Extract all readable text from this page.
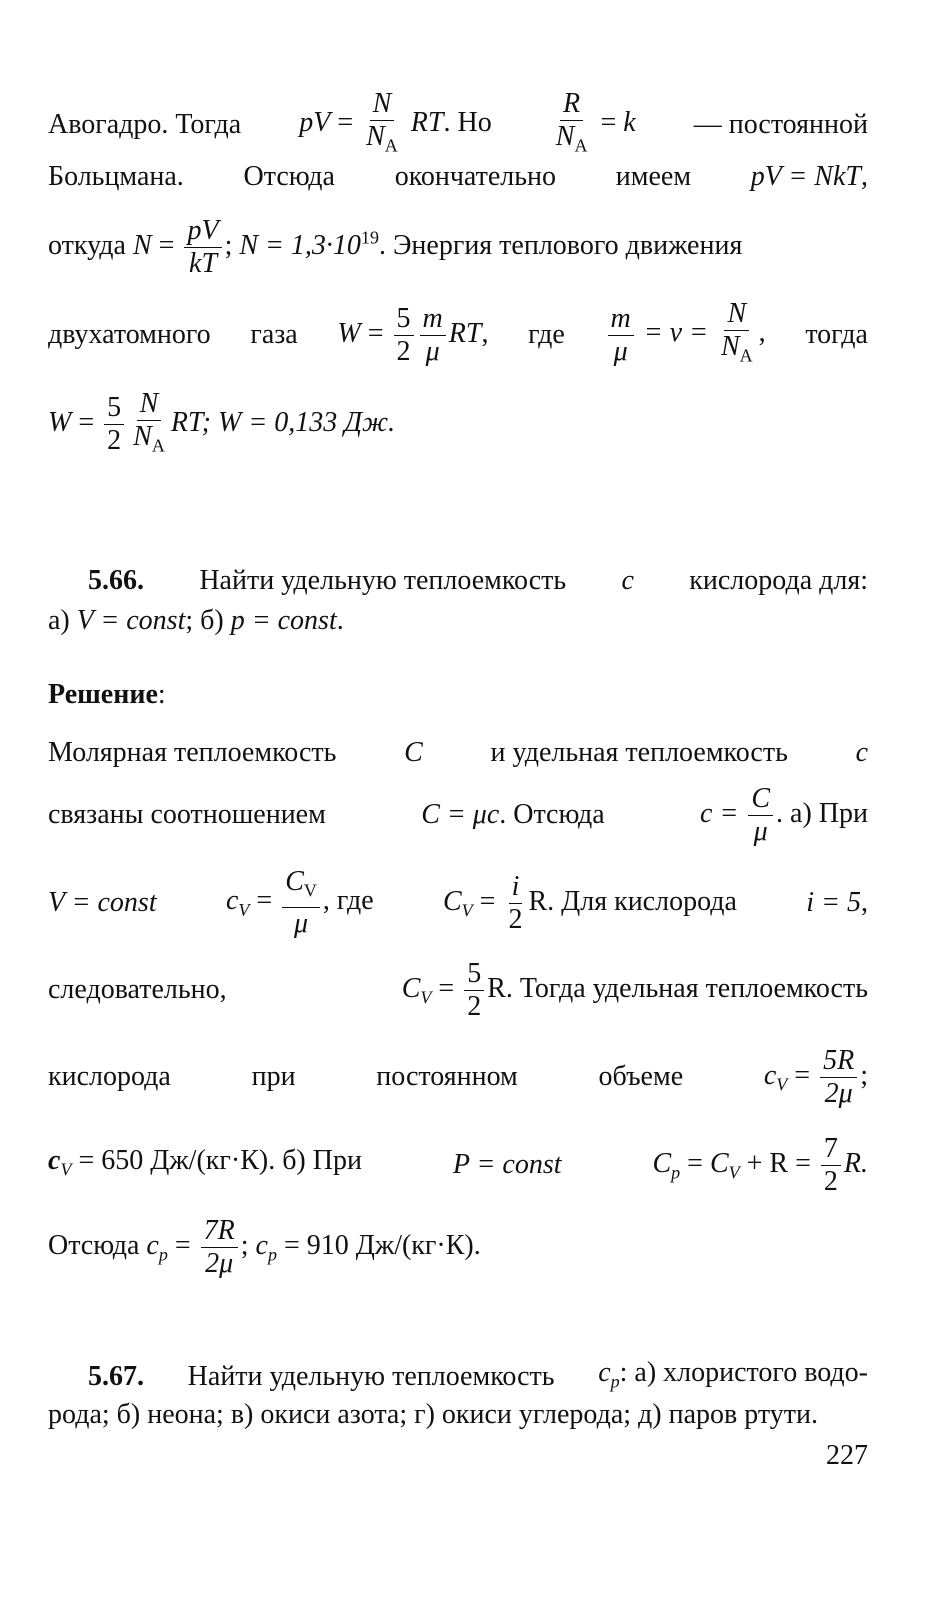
Авогадро. Тогда pV = $\frac{N}{N_A}$ RT. Но $\frac{R}{N_A} = k$ — постоянной
Больцмана. Отсюда окончательно имеем pV = NkT,
откуда $N = \frac{pV}{kT}$ ; $N = 1,3\cdot 10^{19}$. Энергия теплового движения
двухатомного газа $W = \frac{5}{2} \frac{m}{\mu}$ RT, где $\frac{m}{\mu} = \nu = \frac{N}{N_A}$ , тогда
$W = \frac{5}{2} \frac{N}{N_A}$ RT; W = 0,133 Дж.
5.66. Найти удельную теплоемкость c кислорода для:
а) V = const; б) p = const.
Решение:
Молярная теплоемкость C и удельная теплоемкость c
связаны соотношением	C = μc. Отсюда	$c = \frac{C}{\mu}$ . а) При
V = const $c_V = \frac{C_V}{\mu}$ , где $C_V = \frac{i}{2} R$. Для кислорода i = 5,
следовательно,	$C_V = \frac{5}{2} R$. Тогда удельная теплоемкость
кислорода	при	постоянном	объеме	$c_V = \frac{5R}{2\mu}$ ;
$c_V = 650$ Дж/(кг·К). б) При	P = const	$C_p = C_V + R = \frac{7}{2} R$.
Отсюда $c_p = \frac{7R}{2\mu}$ ; $c_p = 910$ Дж/(кг·К).
5.67. Найти удельную теплоемкость $c_p$: а) хлористого водо-
рода; б) неона; в) окиси азота; г) окиси углерода; д) паров ртути.
227
